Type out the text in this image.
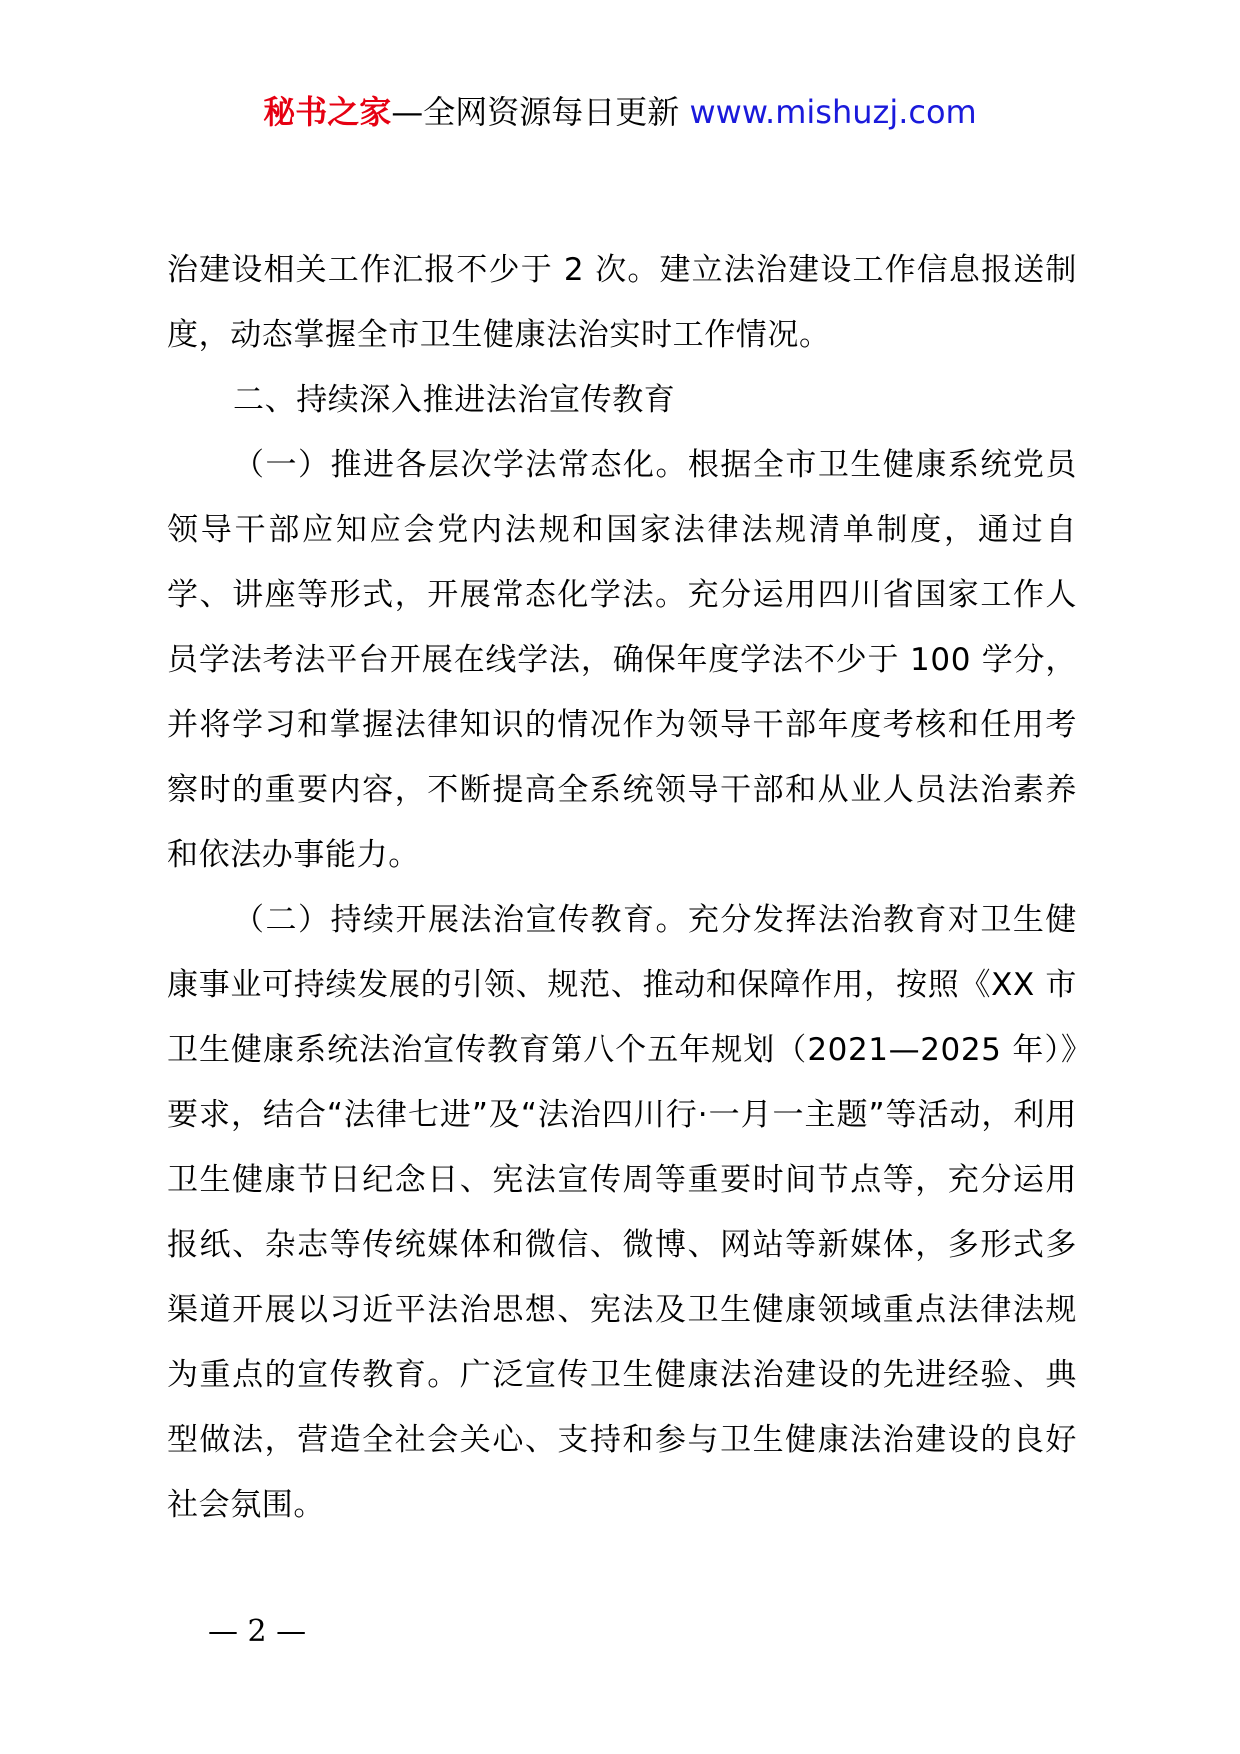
秘书之家—全网资源每日更新 www.mishuzj.com

治建设相关工作汇报不少于 2 次。建立法治建设工作信息报送制度，动态掌握全市卫生健康法治实时工作情况。

二、持续深入推进法治宣传教育

（一）推进各层次学法常态化。根据全市卫生健康系统党员领导干部应知应会党内法规和国家法律法规清单制度，通过自学、讲座等形式，开展常态化学法。充分运用四川省国家工作人员学法考法平台开展在线学法，确保年度学法不少于 100 学分，并将学习和掌握法律知识的情况作为领导干部年度考核和任用考察时的重要内容，不断提高全系统领导干部和从业人员法治素养和依法办事能力。

（二）持续开展法治宣传教育。充分发挥法治教育对卫生健康事业可持续发展的引领、规范、推动和保障作用，按照《XX 市卫生健康系统法治宣传教育第八个五年规划（2021—2025 年）》要求，结合“法律七进”及“法治四川行·一月一主题”等活动，利用卫生健康节日纪念日、宪法宣传周等重要时间节点等，充分运用报纸、杂志等传统媒体和微信、微博、网站等新媒体，多形式多渠道开展以习近平法治思想、宪法及卫生健康领域重点法律法规为重点的宣传教育。广泛宣传卫生健康法治建设的先进经验、典型做法，营造全社会关心、支持和参与卫生健康法治建设的良好社会氛围。

— 2 —
